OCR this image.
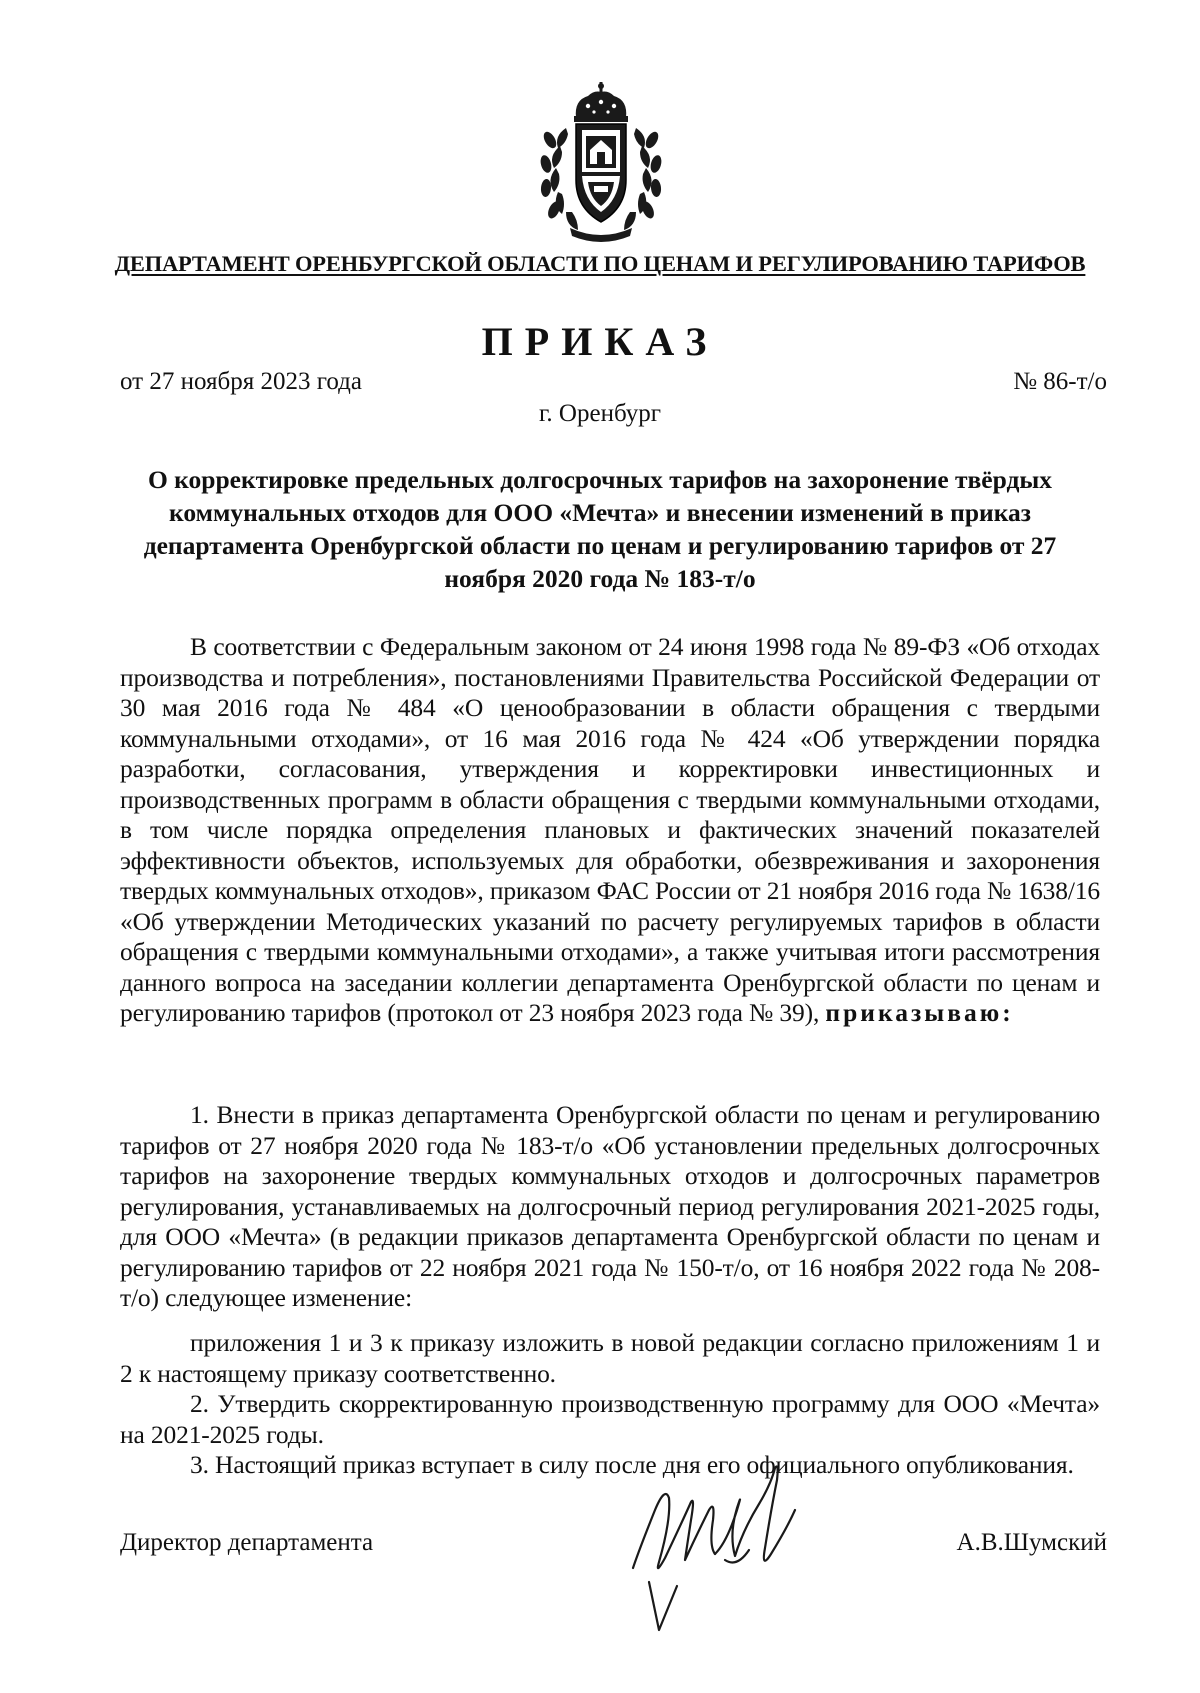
ДЕПАРТАМЕНТ ОРЕНБУРГСКОЙ ОБЛАСТИ ПО ЦЕНАМ И РЕГУЛИРОВАНИЮ ТАРИФОВ
ПРИКАЗ
от 27 ноября 2023 года	№ 86-т/о
г. Оренбург
О корректировке предельных долгосрочных тарифов на захоронение твёрдых коммунальных отходов для ООО «Мечта» и внесении изменений в приказ департамента Оренбургской области по ценам и регулированию тарифов от 27 ноября 2020 года № 183-т/о

В соответствии с Федеральным законом от 24 июня 1998 года № 89-ФЗ «Об отходах производства и потребления», постановлениями Правительства Российской Федерации от 30 мая 2016 года № 484 «О ценообразовании в области обращения с твердыми коммунальными отходами», от 16 мая 2016 года № 424 «Об утверждении порядка разработки, согласования, утверждения и корректировки инвестиционных и производственных программ в области обращения с твердыми коммунальными отходами, в том числе порядка определения плановых и фактических значений показателей эффективности объектов, используемых для обработки, обезвреживания и захоронения твердых коммунальных отходов», приказом ФАС России от 21 ноября 2016 года № 1638/16 «Об утверждении Методических указаний по расчету регулируемых тарифов в области обращения с твердыми коммунальными отходами», а также учитывая итоги рассмотрения данного вопроса на заседании коллегии департамента Оренбургской области по ценам и регулированию тарифов (протокол от 23 ноября 2023 года № 39), приказываю:

1. Внести в приказ департамента Оренбургской области по ценам и регулированию тарифов от 27 ноября 2020 года № 183-т/о «Об установлении предельных долгосрочных тарифов на захоронение твердых коммунальных отходов и долгосрочных параметров регулирования, устанавливаемых на долгосрочный период регулирования 2021-2025 годы, для ООО «Мечта» (в редакции приказов департамента Оренбургской области по ценам и регулированию тарифов от 22 ноября 2021 года № 150-т/о, от 16 ноября 2022 года № 208-т/о) следующее изменение:

приложения 1 и 3 к приказу изложить в новой редакции согласно приложениям 1 и 2 к настоящему приказу соответственно.

2. Утвердить скорректированную производственную программу для ООО «Мечта» на 2021-2025 годы.

3. Настоящий приказ вступает в силу после дня его официального опубликования.

Директор департамента	А.В.Шумский
